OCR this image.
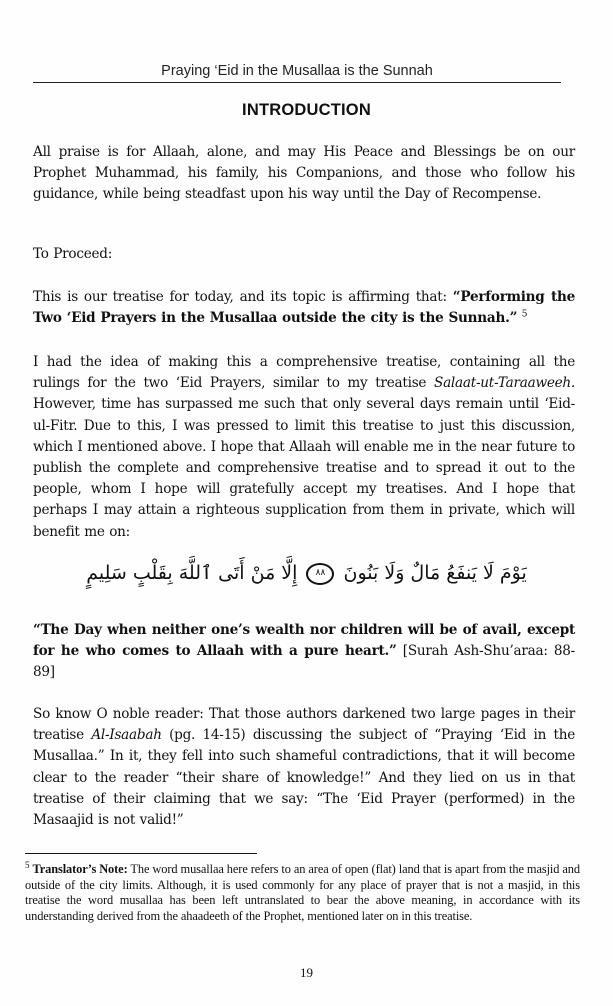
Praying ‘Eid in the Musallaa is the Sunnah
INTRODUCTION

All praise is for Allaah, alone, and may His Peace and Blessings be on our Prophet Muhammad, his family, his Companions, and those who follow his guidance, while being steadfast upon his way until the Day of Recompense.

To Proceed:

This is our treatise for today, and its topic is affirming that: “Performing the Two ‘Eid Prayers in the Musallaa outside the city is the Sunnah.” $^5$

I had the idea of making this a comprehensive treatise, containing all the rulings for the two ‘Eid Prayers, similar to my treatise Salaat-ut-Taraaweeh. However, time has surpassed me such that only several days remain until ‘Eid-ul-Fitr. Due to this, I was pressed to limit this treatise to just this discussion, which I mentioned above. I hope that Allaah will enable me in the near future to publish the complete and comprehensive treatise and to spread it out to the people, whom I hope will gratefully accept my treatises. And I hope that perhaps I may attain a righteous supplication from them in private, which will benefit me on:

يَوْمَ لَا يَنفَعُ مَالٌ وَلَا بَنُونَ ٨٨ إِلَّا مَنْ أَتَى ٱللَّهَ بِقَلْبٍ سَلِيمٍ

“The Day when neither one’s wealth nor children will be of avail, except for he who comes to Allaah with a pure heart.” [Surah Ash-Shu’araa: 88-89]

So know O noble reader: That those authors darkened two large pages in their treatise Al-Isaabah (pg. 14-15) discussing the subject of “Praying ‘Eid in the Musallaa.” In it, they fell into such shameful contradictions, that it will become clear to the reader “their share of knowledge!” And they lied on us in that treatise of their claiming that we say: “The ‘Eid Prayer (performed) in the Masaajid is not valid!”

$^5$ Translator’s Note: The word musallaa here refers to an area of open (flat) land that is apart from the masjid and outside of the city limits. Although, it is used commonly for any place of prayer that is not a masjid, in this treatise the word musallaa has been left untranslated to bear the above meaning, in accordance with its understanding derived from the ahaadeeth of the Prophet, mentioned later on in this treatise.

19
